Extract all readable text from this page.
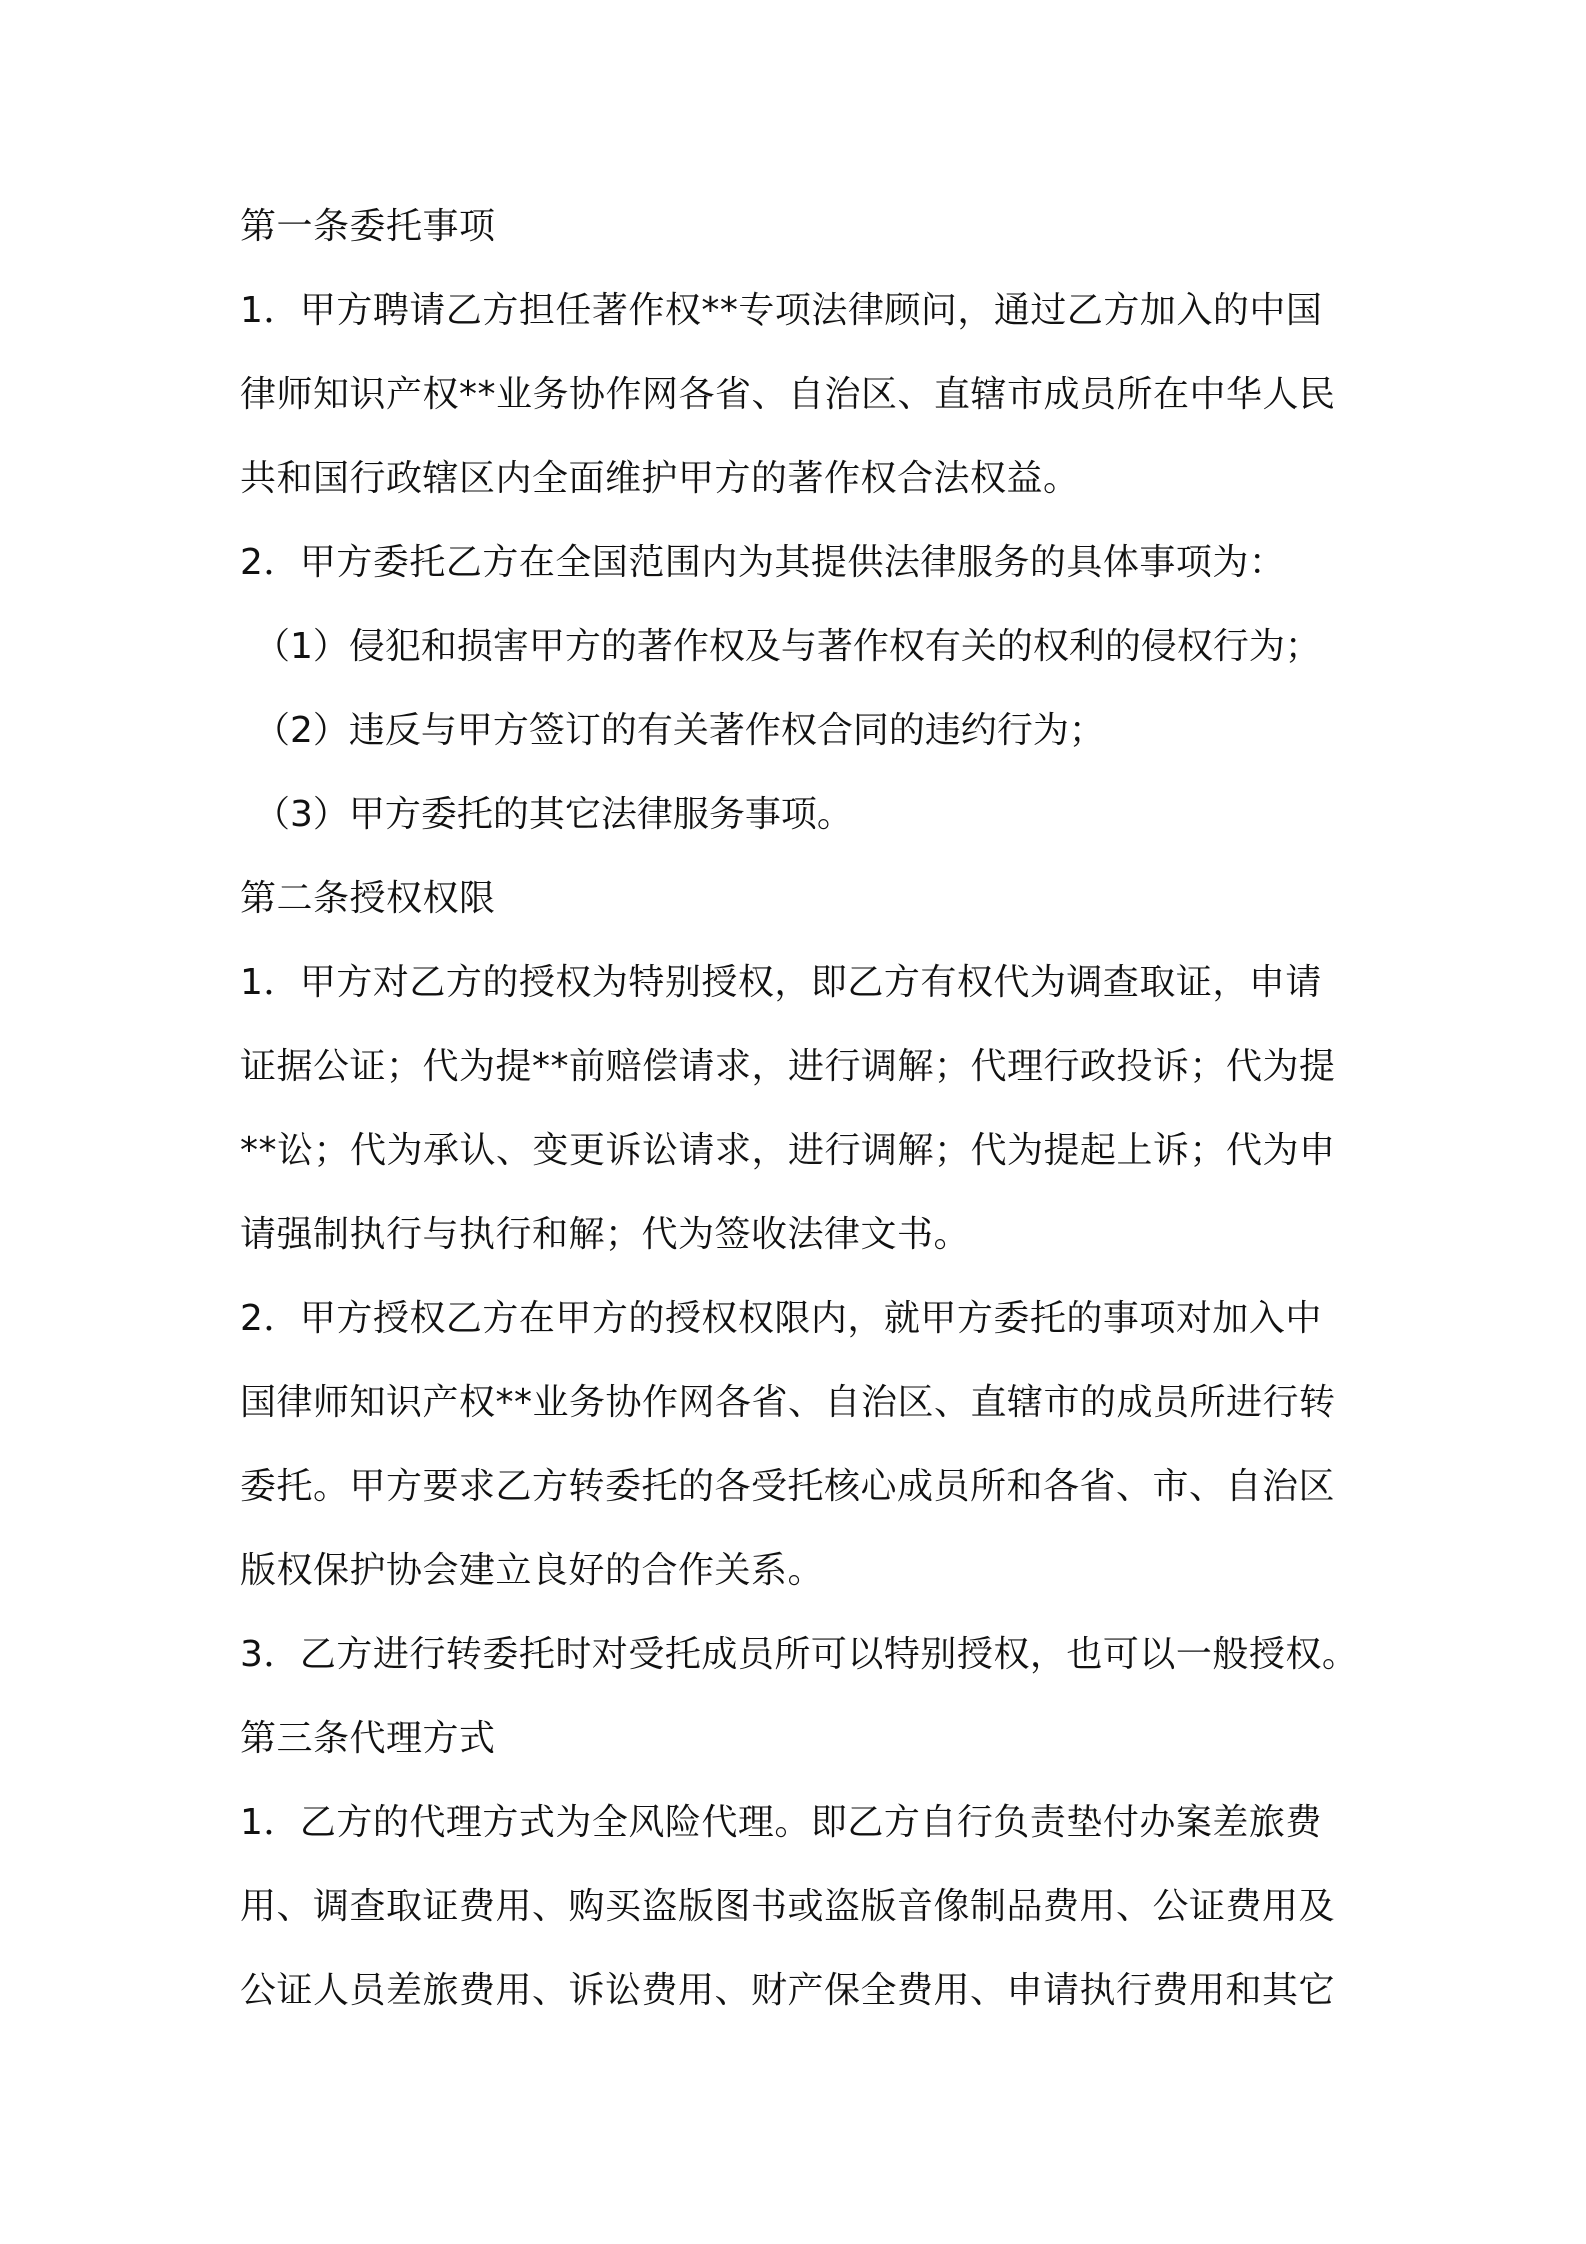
第一条委托事项
1．甲方聘请乙方担任著作权**专项法律顾问，通过乙方加入的中国
律师知识产权**业务协作网各省、自治区、直辖市成员所在中华人民
共和国行政辖区内全面维护甲方的著作权合法权益。
2．甲方委托乙方在全国范围内为其提供法律服务的具体事项为：
（1）侵犯和损害甲方的著作权及与著作权有关的权利的侵权行为；
（2）违反与甲方签订的有关著作权合同的违约行为；
（3）甲方委托的其它法律服务事项。
第二条授权权限
1．甲方对乙方的授权为特别授权，即乙方有权代为调查取证，申请
证据公证；代为提**前赔偿请求，进行调解；代理行政投诉；代为提
**讼；代为承认、变更诉讼请求，进行调解；代为提起上诉；代为申
请强制执行与执行和解；代为签收法律文书。
2．甲方授权乙方在甲方的授权权限内，就甲方委托的事项对加入中
国律师知识产权**业务协作网各省、自治区、直辖市的成员所进行转
委托。甲方要求乙方转委托的各受托核心成员所和各省、市、自治区
版权保护协会建立良好的合作关系。
3．乙方进行转委托时对受托成员所可以特别授权，也可以一般授权。
第三条代理方式
1．乙方的代理方式为全风险代理。即乙方自行负责垫付办案差旅费
用、调查取证费用、购买盗版图书或盗版音像制品费用、公证费用及
公证人员差旅费用、诉讼费用、财产保全费用、申请执行费用和其它
